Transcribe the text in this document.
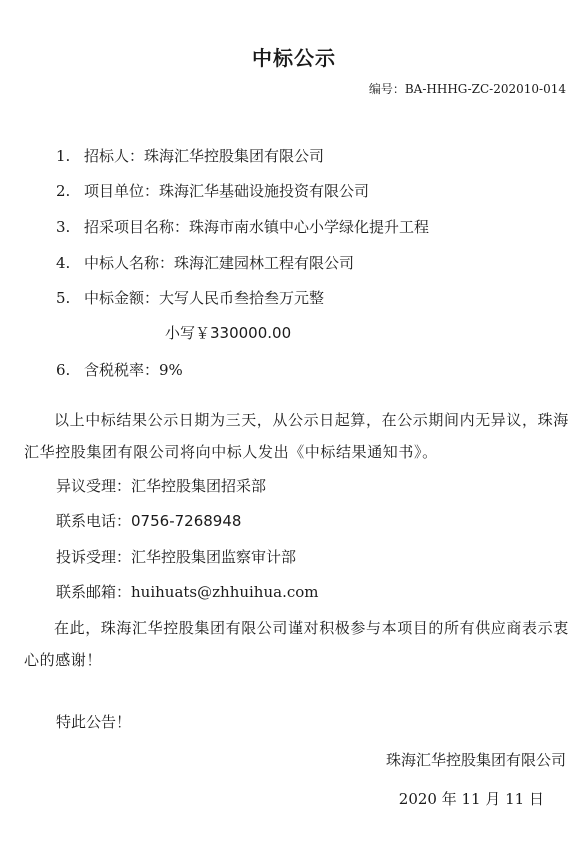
中标公示
编号：BA-HHHG-ZC-202010-014
1. 招标人：珠海汇华控股集团有限公司
2. 项目单位：珠海汇华基础设施投资有限公司
3. 招采项目名称：珠海市南水镇中心小学绿化提升工程
4. 中标人名称：珠海汇建园林工程有限公司
5. 中标金额：大写人民币叁拾叁万元整
小写￥330000.00
6. 含税税率：9%
以上中标结果公示日期为三天，从公示日起算，在公示期间内无异议，珠海汇华控股集团有限公司将向中标人发出《中标结果通知书》。
异议受理：汇华控股集团招采部
联系电话：0756-7268948
投诉受理：汇华控股集团监察审计部
联系邮箱：huihuats@zhhuihua.com
在此，珠海汇华控股集团有限公司谨对积极参与本项目的所有供应商表示衷心的感谢！
特此公告！
珠海汇华控股集团有限公司
2020 年 11 月 11 日
